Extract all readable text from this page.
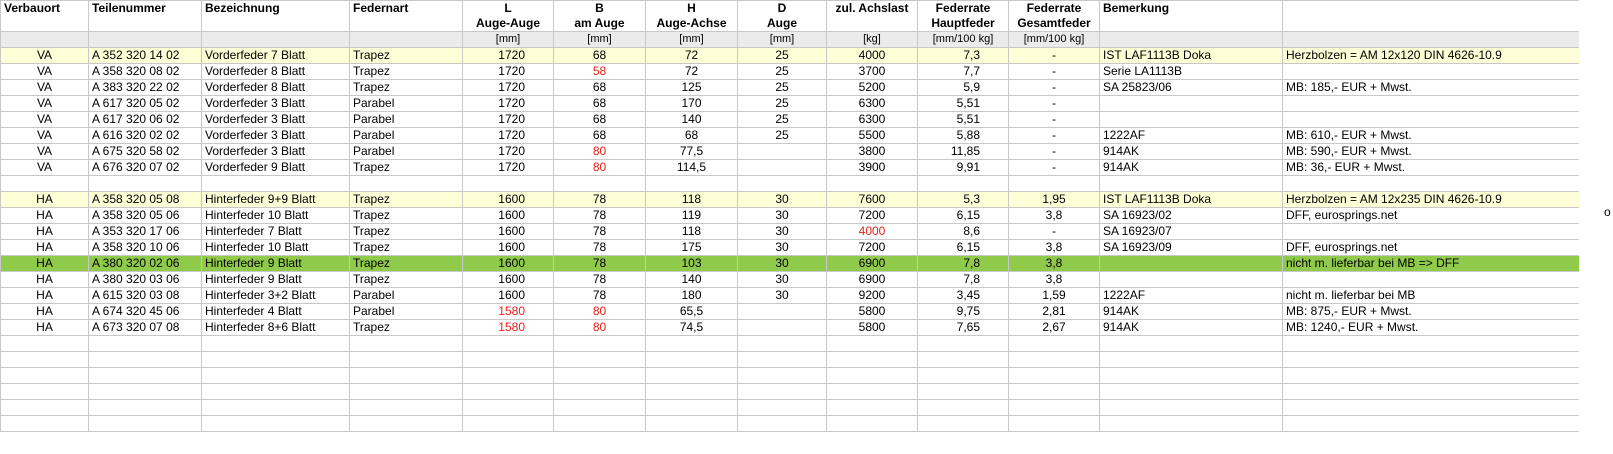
Verbauort	Teilenummer	Bezeichnung	Federnart	L	B	H	D	zul. Achslast	Federrate	Federrate	Bemerkung	
				Auge-Auge	am Auge	Auge-Achse	Auge		Hauptfeder	Gesamtfeder		
				[mm]	[mm]	[mm]	[mm]	[kg]	[mm/100 kg]	[mm/100 kg]		
VA	A 352 320 14 02	Vorderfeder 7 Blatt	Trapez	1720	68	72	25	4000	7,3	-	IST LAF1113B Doka	Herzbolzen = AM 12x120 DIN 4626-10.9
VA	A 358 320 08 02	Vorderfeder 8 Blatt	Trapez	1720	58	72	25	3700	7,7	-	Serie LA1113B	
VA	A 383 320 22 02	Vorderfeder 8 Blatt	Trapez	1720	68	125	25	5200	5,9	-	SA 25823/06	MB: 185,- EUR + Mwst.
VA	A 617 320 05 02	Vorderfeder 3 Blatt	Parabel	1720	68	170	25	6300	5,51	-		
VA	A 617 320 06 02	Vorderfeder 3 Blatt	Parabel	1720	68	140	25	6300	5,51	-		
VA	A 616 320 02 02	Vorderfeder 3 Blatt	Parabel	1720	68	68	25	5500	5,88	-	1222AF	MB: 610,- EUR + Mwst.
VA	A 675 320 58 02	Vorderfeder 3 Blatt	Parabel	1720	80	77,5		3800	11,85	-	914AK	MB: 590,- EUR + Mwst.
VA	A 676 320 07 02	Vorderfeder 9 Blatt	Trapez	1720	80	114,5		3900	9,91	-	914AK	MB: 36,- EUR + Mwst.

HA	A 358 320 05 08	Hinterfeder 9+9 Blatt	Trapez	1600	78	118	30	7600	5,3	1,95	IST LAF1113B Doka	Herzbolzen = AM 12x235 DIN 4626-10.9
HA	A 358 320 05 06	Hinterfeder 10 Blatt	Trapez	1600	78	119	30	7200	6,15	3,8	SA 16923/02	DFF, eurosprings.net
HA	A 353 320 17 06	Hinterfeder 7 Blatt	Trapez	1600	78	118	30	4000	8,6	-	SA 16923/07	
HA	A 358 320 10 06	Hinterfeder 10 Blatt	Trapez	1600	78	175	30	7200	6,15	3,8	SA 16923/09	DFF, eurosprings.net
HA	A 380 320 02 06	Hinterfeder 9 Blatt	Trapez	1600	78	103	30	6900	7,8	3,8		nicht m. lieferbar bei MB => DFF
HA	A 380 320 03 06	Hinterfeder 9 Blatt	Trapez	1600	78	140	30	6900	7,8	3,8		
HA	A 615 320 03 08	Hinterfeder 3+2 Blatt	Parabel	1600	78	180	30	9200	3,45	1,59	1222AF	nicht m. lieferbar bei MB
HA	A 674 320 45 06	Hinterfeder 4 Blatt	Parabel	1580	80	65,5		5800	9,75	2,81	914AK	MB: 875,- EUR + Mwst.
HA	A 673 320 07 08	Hinterfeder 8+6 Blatt	Trapez	1580	80	74,5		5800	7,65	2,67	914AK	MB: 1240,- EUR + Mwst.

o
